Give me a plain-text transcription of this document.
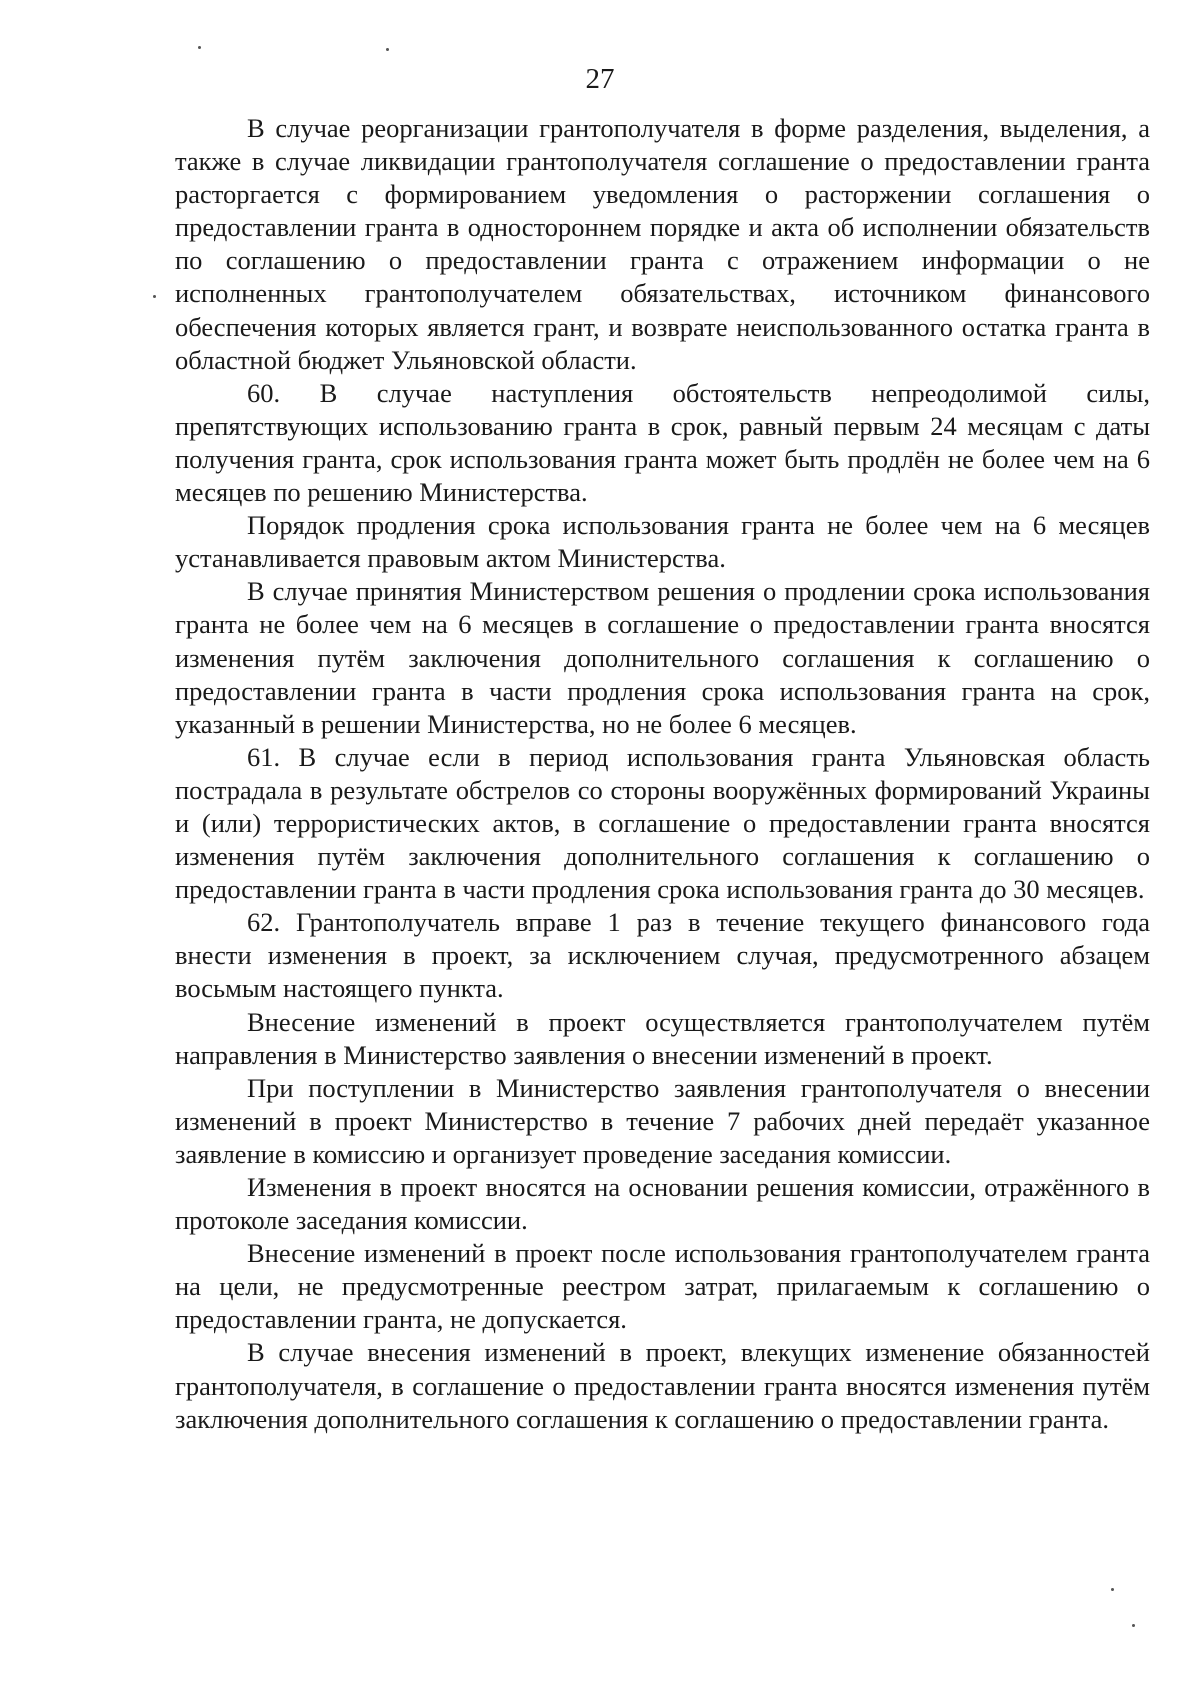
27

В случае реорганизации грантополучателя в форме разделения, выделения, а также в случае ликвидации грантополучателя соглашение о предоставлении гранта расторгается с формированием уведомления о расторжении соглашения о предоставлении гранта в одностороннем порядке и акта об исполнении обязательств по соглашению о предоставлении гранта с отражением информации о не исполненных грантополучателем обязательствах, источником финансового обеспечения которых является грант, и возврате неиспользованного остатка гранта в областной бюджет Ульяновской области.

60. В случае наступления обстоятельств непреодолимой силы, препятствующих использованию гранта в срок, равный первым 24 месяцам с даты получения гранта, срок использования гранта может быть продлён не более чем на 6 месяцев по решению Министерства.

Порядок продления срока использования гранта не более чем на 6 месяцев устанавливается правовым актом Министерства.

В случае принятия Министерством решения о продлении срока использования гранта не более чем на 6 месяцев в соглашение о предоставлении гранта вносятся изменения путём заключения дополнительного соглашения к соглашению о предоставлении гранта в части продления срока использования гранта на срок, указанный в решении Министерства, но не более 6 месяцев.

61. В случае если в период использования гранта Ульяновская область пострадала в результате обстрелов со стороны вооружённых формирований Украины и (или) террористических актов, в соглашение о предоставлении гранта вносятся изменения путём заключения дополнительного соглашения к соглашению о предоставлении гранта в части продления срока использования гранта до 30 месяцев.

62. Грантополучатель вправе 1 раз в течение текущего финансового года внести изменения в проект, за исключением случая, предусмотренного абзацем восьмым настоящего пункта.

Внесение изменений в проект осуществляется грантополучателем путём направления в Министерство заявления о внесении изменений в проект.

При поступлении в Министерство заявления грантополучателя о внесении изменений в проект Министерство в течение 7 рабочих дней передаёт указанное заявление в комиссию и организует проведение заседания комиссии.

Изменения в проект вносятся на основании решения комиссии, отражённого в протоколе заседания комиссии.

Внесение изменений в проект после использования грантополучателем гранта на цели, не предусмотренные реестром затрат, прилагаемым к соглашению о предоставлении гранта, не допускается.

В случае внесения изменений в проект, влекущих изменение обязанностей грантополучателя, в соглашение о предоставлении гранта вносятся изменения путём заключения дополнительного соглашения к соглашению о предоставлении гранта.
